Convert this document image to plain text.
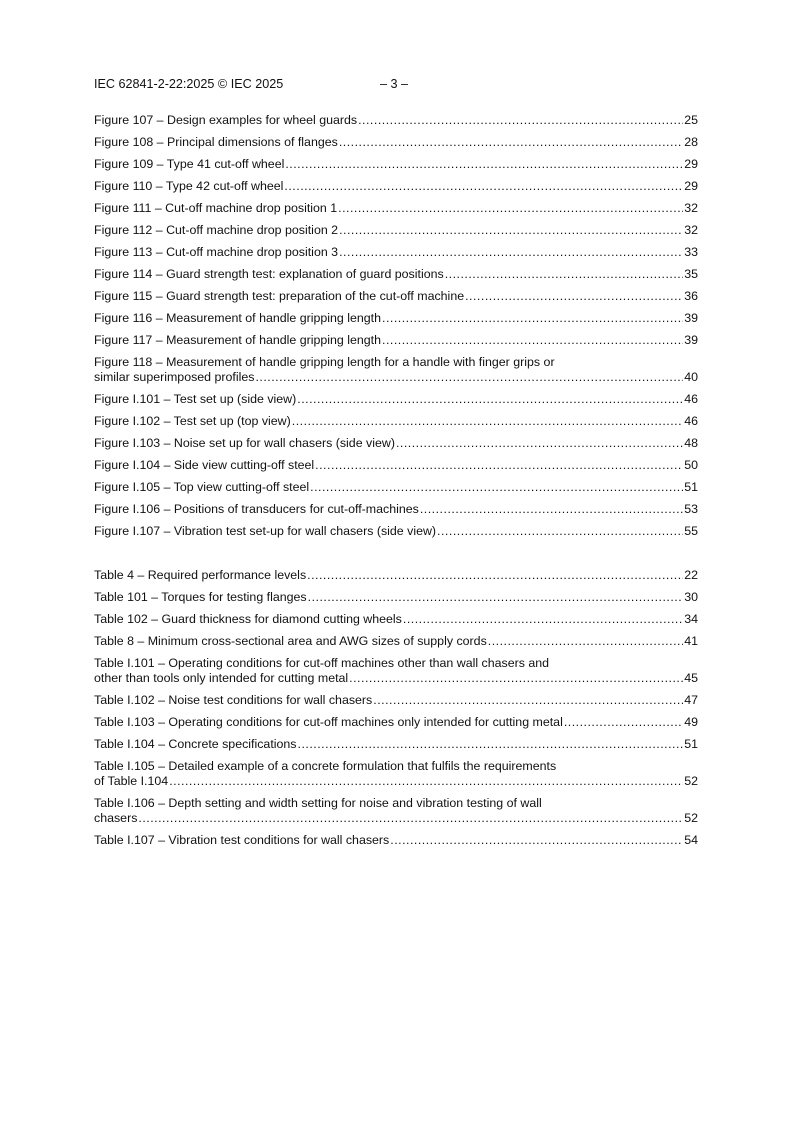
IEC 62841-2-22:2025 © IEC 2025	– 3 –
Figure 107 – Design examples for wheel guards .....	25
Figure 108 – Principal dimensions of flanges .....	28
Figure 109 – Type 41 cut-off wheel .....	29
Figure 110 – Type 42 cut-off wheel .....	29
Figure 111 – Cut-off machine drop position 1 .....	32
Figure 112 – Cut-off machine drop position 2 .....	32
Figure 113 – Cut-off machine drop position 3 .....	33
Figure 114 – Guard strength test: explanation of guard positions .....	35
Figure 115 – Guard strength test: preparation of the cut-off machine .....	36
Figure 116 – Measurement of handle gripping length .....	39
Figure 117 – Measurement of handle gripping length .....	39
Figure 118 – Measurement of handle gripping length for a handle with finger grips or
similar superimposed profiles .....	40
Figure I.101 – Test set up (side view) .....	46
Figure I.102 – Test set up (top view) .....	46
Figure I.103 – Noise set up for wall chasers (side view) .....	48
Figure I.104 – Side view cutting-off steel .....	50
Figure I.105 – Top view cutting-off steel .....	51
Figure I.106 – Positions of transducers for cut-off-machines .....	53
Figure I.107 – Vibration test set-up for wall chasers (side view) .....	55
Table 4 – Required performance levels .....	22
Table 101 – Torques for testing flanges .....	30
Table 102 – Guard thickness for diamond cutting wheels .....	34
Table 8 – Minimum cross-sectional area and AWG sizes of supply cords .....	41
Table I.101 – Operating conditions for cut-off machines other than wall chasers and
other than tools only intended for cutting metal .....	45
Table I.102 – Noise test conditions for wall chasers .....	47
Table I.103 – Operating conditions for cut-off machines only intended for cutting metal .....	49
Table I.104 – Concrete specifications .....	51
Table I.105 – Detailed example of a concrete formulation that fulfils the requirements
of Table I.104 .....	52
Table I.106 – Depth setting and width setting for noise and vibration testing of wall
chasers .....	52
Table I.107 – Vibration test conditions for wall chasers .....	54
